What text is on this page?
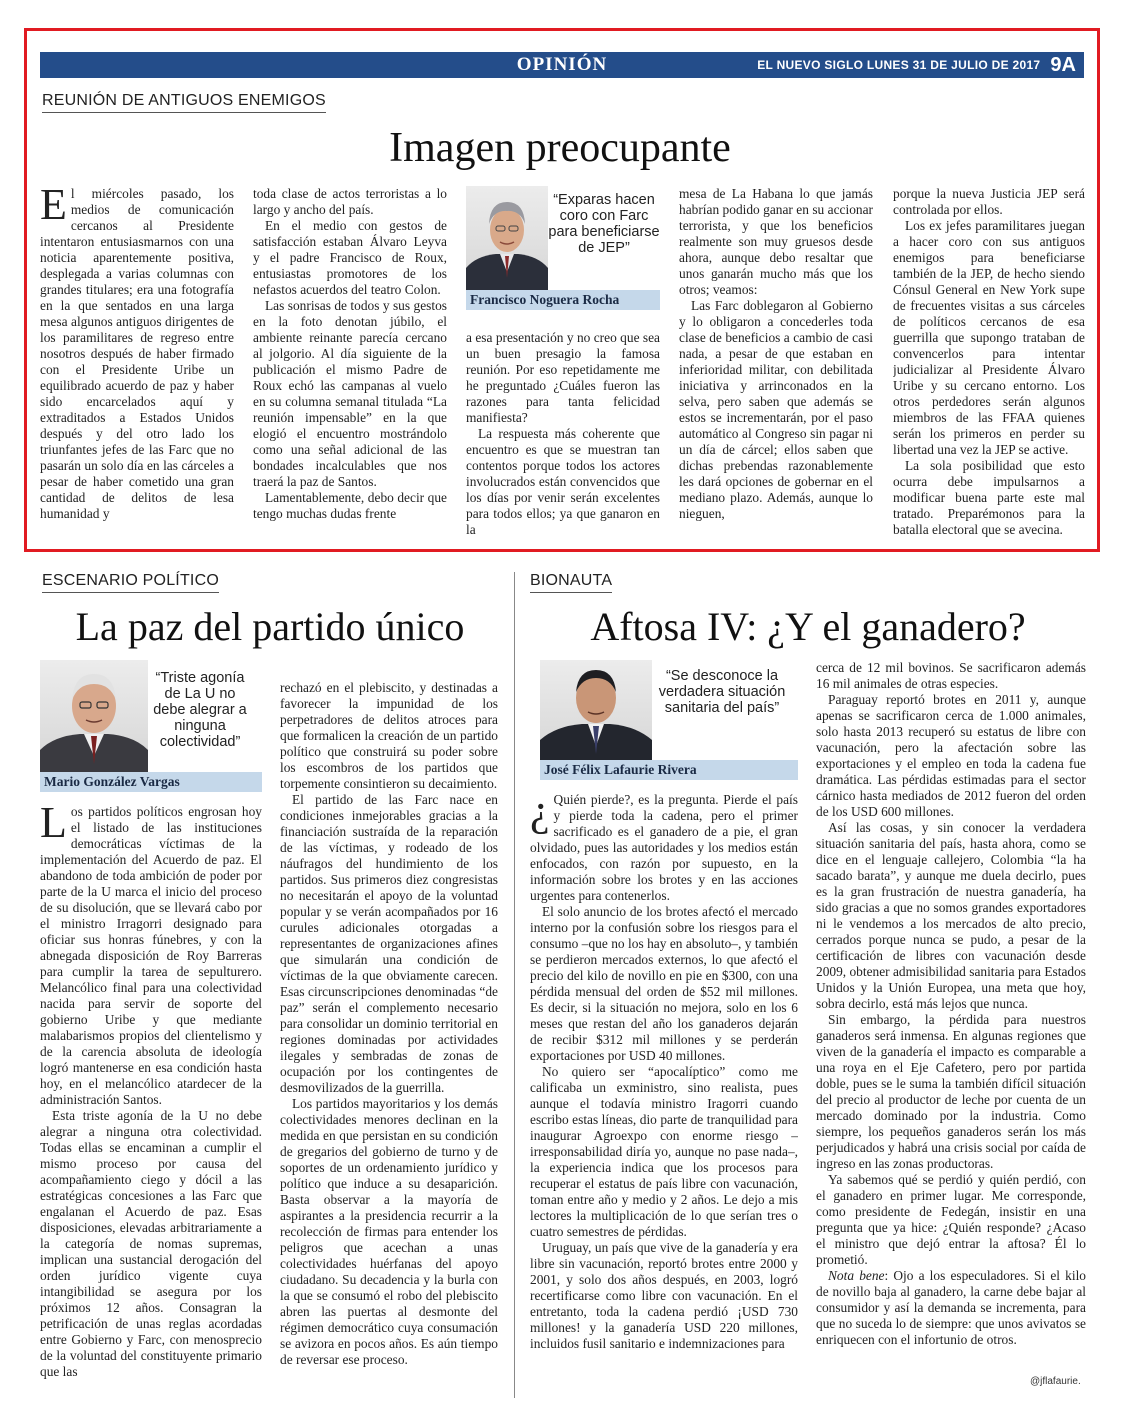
OPINIÓN	EL NUEVO SIGLO LUNES 31 DE JULIO DE 2017 9A
REUNIÓN DE ANTIGUOS ENEMIGOS
Imagen preocupante

El miércoles pasado, los medios de comunicación cercanos al Presidente intentaron entusiasmarnos con una noticia aparentemente positiva, desplegada a varias columnas con grandes titulares; era una fotografía en la que sentados en una larga mesa algunos antiguos dirigentes de los paramilitares de regreso entre nosotros después de haber firmado con el Presidente Uribe un equilibrado acuerdo de paz y haber sido encarcelados aquí y extraditados a Estados Unidos después y del otro lado los triunfantes jefes de las Farc que no pasarán un solo día en las cárceles a pesar de haber cometido una gran cantidad de delitos de lesa humanidad y

toda clase de actos terroristas a lo largo y ancho del país.

En el medio con gestos de satisfacción estaban Álvaro Leyva y el padre Francisco de Roux, entusiastas promotores de los nefastos acuerdos del teatro Colon.

Las sonrisas de todos y sus gestos en la foto denotan júbilo, el ambiente reinante parecía cercano al jolgorio. Al día siguiente de la publicación el mismo Padre de Roux echó las campanas al vuelo en su columna semanal titulada “La reunión impensable” en la que elogió el encuentro mostrándolo como una señal adicional de las bondades incalculables que nos traerá la paz de Santos.

Lamentablemente, debo decir que tengo muchas dudas frente

“Exparas hacen coro con Farc para beneficiarse de JEP”
Francisco Noguera Rocha

a esa presentación y no creo que sea un buen presagio la famosa reunión. Por eso repetidamente me he preguntado ¿Cuáles fueron las razones para tanta felicidad manifiesta?

La respuesta más coherente que encuentro es que se muestran tan contentos porque todos los actores involucrados están convencidos que los días por venir serán excelentes para todos ellos; ya que ganaron en la

mesa de La Habana lo que jamás habrían podido ganar en su accionar terrorista, y que los beneficios realmente son muy gruesos desde ahora, aunque debo resaltar que unos ganarán mucho más que los otros; veamos:

Las Farc doblegaron al Gobierno y lo obligaron a concederles toda clase de beneficios a cambio de casi nada, a pesar de que estaban en inferioridad militar, con debilitada iniciativa y arrinconados en la selva, pero saben que además se estos se incrementarán, por el paso automático al Congreso sin pagar ni un día de cárcel; ellos saben que dichas prebendas razonablemente les dará opciones de gobernar en el mediano plazo. Además, aunque lo nieguen,

porque la nueva Justicia JEP será controlada por ellos.

Los ex jefes paramilitares juegan a hacer coro con sus antiguos enemigos para beneficiarse también de la JEP, de hecho siendo Cónsul General en New York supe de frecuentes visitas a sus cárceles de políticos cercanos de esa guerrilla que supongo trataban de convencerlos para intentar judicializar al Presidente Álvaro Uribe y su cercano entorno. Los otros perdedores serán algunos miembros de las FFAA quienes serán los primeros en perder su libertad una vez la JEP se active.

La sola posibilidad que esto ocurra debe impulsarnos a modificar buena parte este mal tratado. Preparémonos para la batalla electoral que se avecina.

ESCENARIO POLÍTICO
La paz del partido único
“Triste agonía de La U no debe alegrar a ninguna colectividad”
Mario González Vargas

Los partidos políticos engrosan hoy el listado de las instituciones democráticas víctimas de la implementación del Acuerdo de paz. El abandono de toda ambición de poder por parte de la U marca el inicio del proceso de su disolución, que se llevará cabo por el ministro Irragorri designado para oficiar sus honras fúnebres, y con la abnegada disposición de Roy Barreras para cumplir la tarea de sepulturero. Melancólico final para una colectividad nacida para servir de soporte del gobierno Uribe y que mediante malabarismos propios del clientelismo y de la carencia absoluta de ideología logró mantenerse en esa condición hasta hoy, en el melancólico atardecer de la administración Santos.

Esta triste agonía de la U no debe alegrar a ninguna otra colectividad. Todas ellas se encaminan a cumplir el mismo proceso por causa del acompañamiento ciego y dócil a las estratégicas concesiones a las Farc que engalanan el Acuerdo de paz. Esas disposiciones, elevadas arbitrariamente a la categoría de nomas supremas, implican una sustancial derogación del orden jurídico vigente cuya intangibilidad se asegura por los próximos 12 años. Consagran la petrificación de unas reglas acordadas entre Gobierno y Farc, con menosprecio de la voluntad del constituyente primario que las

rechazó en el plebiscito, y destinadas a favorecer la impunidad de los perpetradores de delitos atroces para que formalicen la creación de un partido político que construirá su poder sobre los escombros de los partidos que torpemente consintieron su decaimiento.

El partido de las Farc nace en condiciones inmejorables gracias a la financiación sustraída de la reparación de las víctimas, y rodeado de los náufragos del hundimiento de los partidos. Sus primeros diez congresistas no necesitarán el apoyo de la voluntad popular y se verán acompañados por 16 curules adicionales otorgadas a representantes de organizaciones afines que simularán una condición de víctimas de la que obviamente carecen. Esas circunscripciones denominadas “de paz” serán el complemento necesario para consolidar un dominio territorial en regiones dominadas por actividades ilegales y sembradas de zonas de ocupación por los contingentes de desmovilizados de la guerrilla.

Los partidos mayoritarios y los demás colectividades menores declinan en la medida en que persistan en su condición de gregarios del gobierno de turno y de soportes de un ordenamiento jurídico y político que induce a su desaparición. Basta observar a la mayoría de aspirantes a la presidencia recurrir a la recolección de firmas para entender los peligros que acechan a unas colectividades huérfanas del apoyo ciudadano. Su decadencia y la burla con la que se consumó el robo del plebiscito abren las puertas al desmonte del régimen democrático cuya consumación se avizora en pocos años. Es aún tiempo de reversar ese proceso.

BIONAUTA
Aftosa IV: ¿Y el ganadero?
“Se desconoce la verdadera situación sanitaria del país”
José Félix Lafaurie Rivera

¿ Quién pierde?, es la pregunta. Pierde el país y pierde toda la cadena, pero el primer sacrificado es el ganadero de a pie, el gran olvidado, pues las autoridades y los medios están enfocados, con razón por supuesto, en la información sobre los brotes y en las acciones urgentes para contenerlos.

El solo anuncio de los brotes afectó el mercado interno por la confusión sobre los riesgos para el consumo –que no los hay en absoluto–, y también se perdieron mercados externos, lo que afectó el precio del kilo de novillo en pie en $300, con una pérdida mensual del orden de $52 mil millones. Es decir, si la situación no mejora, solo en los 6 meses que restan del año los ganaderos dejarán de recibir $312 mil millones y se perderán exportaciones por USD 40 millones.

No quiero ser “apocalíptico” como me calificaba un exministro, sino realista, pues aunque el todavía ministro Iragorri cuando escribo estas líneas, dio parte de tranquilidad para inaugurar Agroexpo con enorme riesgo –irresponsabilidad diría yo, aunque no pase nada–, la experiencia indica que los procesos para recuperar el estatus de país libre con vacunación, toman entre año y medio y 2 años. Le dejo a mis lectores la multiplicación de lo que serían tres o cuatro semestres de pérdidas.

Uruguay, un país que vive de la ganadería y era libre sin vacunación, reportó brotes entre 2000 y 2001, y solo dos años después, en 2003, logró recertificarse como libre con vacunación. En el entretanto, toda la cadena perdió ¡USD 730 millones! y la ganadería USD 220 millones, incluidos fusil sanitario e indemnizaciones para

cerca de 12 mil bovinos. Se sacrificaron además 16 mil animales de otras especies.

Paraguay reportó brotes en 2011 y, aunque apenas se sacrificaron cerca de 1.000 animales, solo hasta 2013 recuperó su estatus de libre con vacunación, pero la afectación sobre las exportaciones y el empleo en toda la cadena fue dramática. Las pérdidas estimadas para el sector cárnico hasta mediados de 2012 fueron del orden de los USD 600 millones.

Así las cosas, y sin conocer la verdadera situación sanitaria del país, hasta ahora, como se dice en el lenguaje callejero, Colombia “la ha sacado barata”, y aunque me duela decirlo, pues es la gran frustración de nuestra ganadería, ha sido gracias a que no somos grandes exportadores ni le vendemos a los mercados de alto precio, cerrados porque nunca se pudo, a pesar de la certificación de libres con vacunación desde 2009, obtener admisibilidad sanitaria para Estados Unidos y la Unión Europea, una meta que hoy, sobra decirlo, está más lejos que nunca.

Sin embargo, la pérdida para nuestros ganaderos será inmensa. En algunas regiones que viven de la ganadería el impacto es comparable a una roya en el Eje Cafetero, pero por partida doble, pues se le suma la también difícil situación del precio al productor de leche por cuenta de un mercado dominado por la industria. Como siempre, los pequeños ganaderos serán los más perjudicados y habrá una crisis social por caída de ingreso en las zonas productoras.

Ya sabemos qué se perdió y quién perdió, con el ganadero en primer lugar. Me corresponde, como presidente de Fedegán, insistir en una pregunta que ya hice: ¿Quién responde? ¿Acaso el ministro que dejó entrar la aftosa? Él lo prometió.

Nota bene: Ojo a los especuladores. Si el kilo de novillo baja al ganadero, la carne debe bajar al consumidor y así la demanda se incrementa, para que no suceda lo de siempre: que unos avivatos se enriquecen con el infortunio de otros.

@jflafaurie.
